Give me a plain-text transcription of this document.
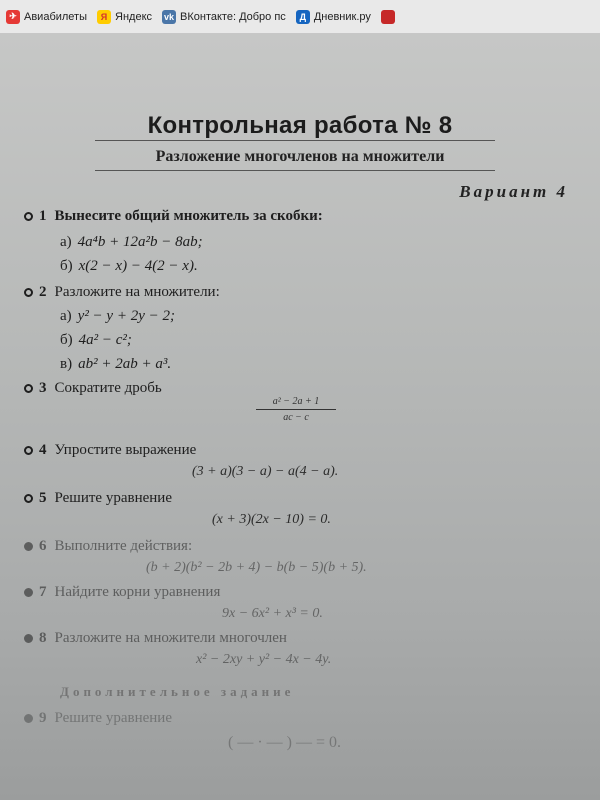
✈ Авиабилеты	Я Яндекс vk ВКонтакте: Добро пс	Д Дневник.ру
Контрольная работа № 8
Разложение многочленов на множители
Вариант 4
1 Вынесите общий множитель за скобки:
а) 4a⁴b + 12a²b − 8ab;
б) x(2 − x) − 4(2 − x).
2 Разложите на множители:
а) y² − y + 2y − 2;
б) 4a² − c²;
в) ab² + 2ab + a³.
3 Сократите дробь
a² − 2a + 1
ac − c
4 Упростите выражение
(3 + a)(3 − a) − a(4 − a).
5 Решите уравнение
(x + 3)(2x − 10) = 0.
6 Выполните действия:
(b + 2)(b² − 2b + 4) − b(b − 5)(b + 5).
7 Найдите корни уравнения
9x − 6x² + x³ = 0.
8 Разложите на множители многочлен
x² − 2xy + y² − 4x − 4y.
Дополнительное задание
9 Решите уравнение
( — · — ) — = 0.
